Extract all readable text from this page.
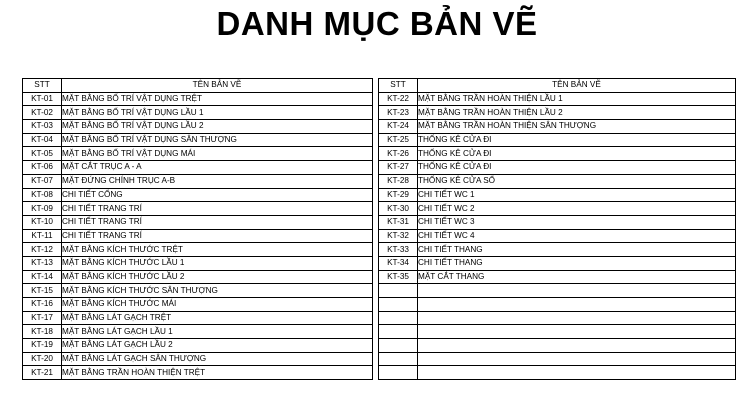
DANH MỤC BẢN VẼ
STT	TÊN BẢN VẼ
KT-01	MẶT BẰNG BỐ TRÍ VẬT DỤNG TRỆT
KT-02	MẶT BẰNG BỐ TRÍ VẬT DỤNG LẦU 1
KT-03	MẶT BẰNG BỐ TRÍ VẬT DỤNG LẦU 2
KT-04	MẶT BẰNG BỐ TRÍ VẬT DỤNG SÂN THƯỢNG
KT-05	MẶT BẰNG BỐ TRÍ VẬT DỤNG MÁI
KT-06	MẶT CẮT TRỤC A - A
KT-07	MẶT ĐỨNG CHÍNH TRỤC A-B
KT-08	CHI TIẾT CỔNG
KT-09	CHI TIẾT TRANG TRÍ
KT-10	CHI TIẾT TRANG TRÍ
KT-11	CHI TIẾT TRANG TRÍ
KT-12	MẶT BẰNG KÍCH THƯỚC TRỆT
KT-13	MẶT BẰNG KÍCH THƯỚC LẦU 1
KT-14	MẶT BẰNG KÍCH THƯỚC LẦU 2
KT-15	MẶT BẰNG KÍCH THƯỚC SÂN THƯỢNG
KT-16	MẶT BẰNG KÍCH THƯỚC MÁI
KT-17	MẶT BẰNG LÁT GẠCH TRỆT
KT-18	MẶT BẰNG LÁT GẠCH LẦU 1
KT-19	MẶT BẰNG LÁT GẠCH LẦU 2
KT-20	MẶT BẰNG LÁT GẠCH SÂN THƯỢNG
KT-21	MẶT BẰNG TRẦN HOÀN THIỆN TRỆT
STT	TÊN BẢN VẼ
KT-22	MẶT BẰNG TRẦN HOÀN THIỆN LẦU 1
KT-23	MẶT BẰNG TRẦN HOÀN THIỆN LẦU 2
KT-24	MẶT BẰNG TRẦN HOÀN THIỆN SÂN THƯỢNG
KT-25	THỐNG KÊ CỬA ĐI
KT-26	THỐNG KÊ CỬA ĐI
KT-27	THỐNG KÊ CỬA ĐI
KT-28	THỐNG KÊ CỬA SỔ
KT-29	CHI TIẾT WC 1
KT-30	CHI TIẾT WC 2
KT-31	CHI TIẾT WC 3
KT-32	CHI TIẾT WC 4
KT-33	CHI TIẾT THANG
KT-34	CHI TIẾT THANG
KT-35	MẶT CẮT THANG
